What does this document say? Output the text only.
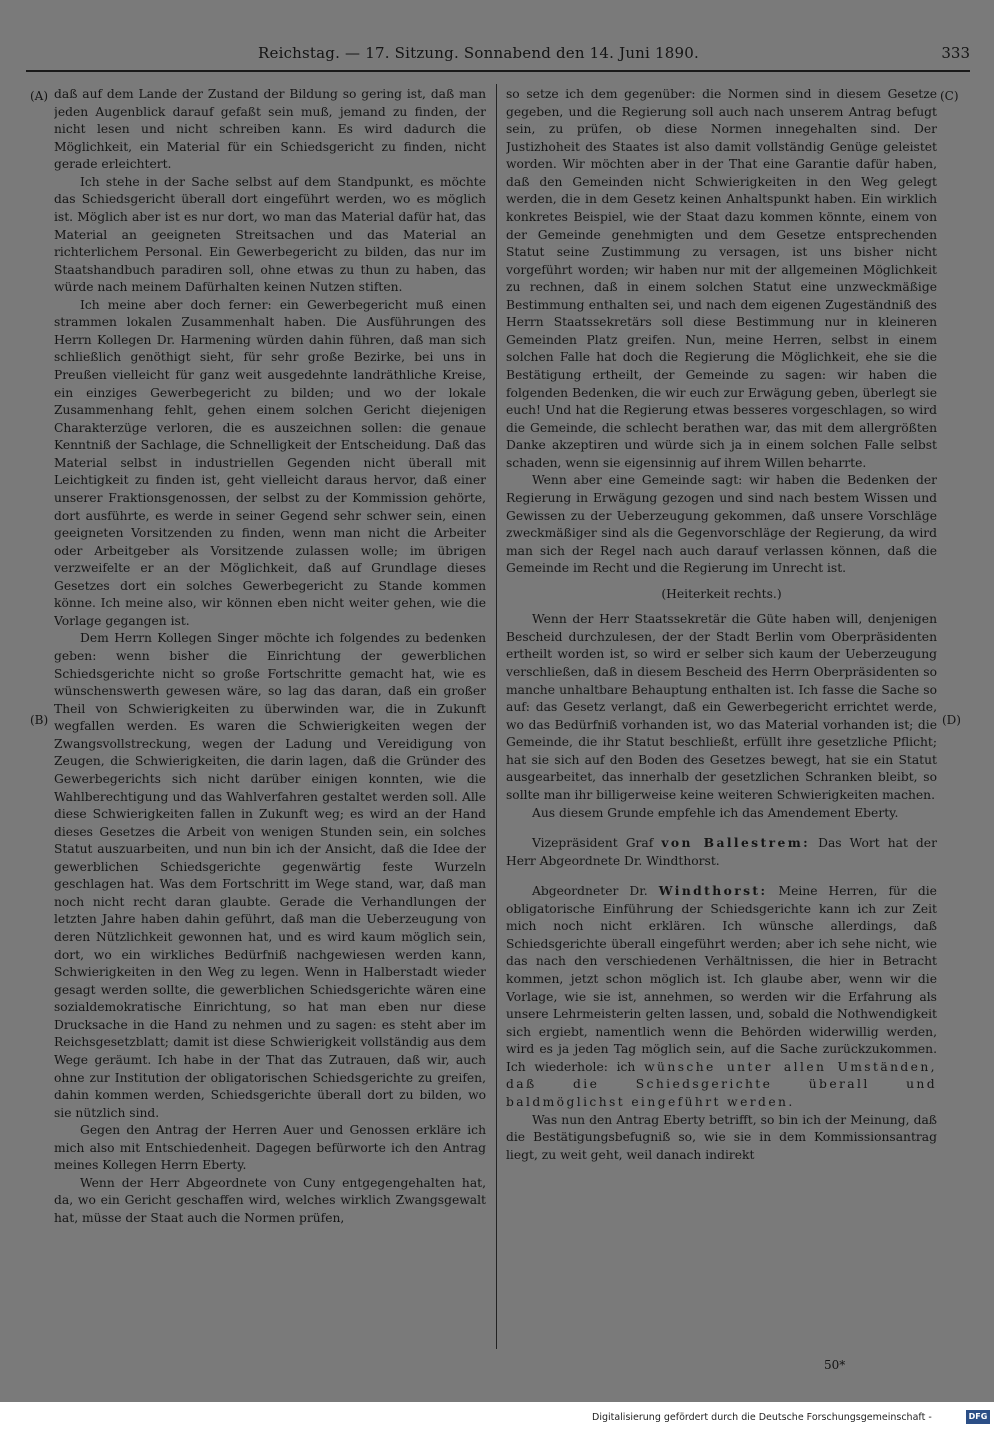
Reichstag. — 17. Sitzung. Sonnabend den 14. Juni 1890.	333
(A)
(B)
(C)
(D)

daß auf dem Lande der Zustand der Bildung so gering ist, daß man jeden Augenblick darauf gefaßt sein muß, jemand zu finden, der nicht lesen und nicht schreiben kann. Es wird dadurch die Möglichkeit, ein Material für ein Schiedsgericht zu finden, nicht gerade erleichtert.

Ich stehe in der Sache selbst auf dem Standpunkt, es möchte das Schiedsgericht überall dort eingeführt werden, wo es möglich ist. Möglich aber ist es nur dort, wo man das Material dafür hat, das Material an geeigneten Streitsachen und das Material an richterlichem Personal. Ein Gewerbegericht zu bilden, das nur im Staatshandbuch paradiren soll, ohne etwas zu thun zu haben, das würde nach meinem Dafürhalten keinen Nutzen stiften.

Ich meine aber doch ferner: ein Gewerbegericht muß einen strammen lokalen Zusammenhalt haben. Die Ausführungen des Herrn Kollegen Dr. Harmening würden dahin führen, daß man sich schließlich genöthigt sieht, für sehr große Bezirke, bei uns in Preußen vielleicht für ganz weit ausgedehnte landräthliche Kreise, ein einziges Gewerbegericht zu bilden; und wo der lokale Zusammenhang fehlt, gehen einem solchen Gericht diejenigen Charakterzüge verloren, die es auszeichnen sollen: die genaue Kenntniß der Sachlage, die Schnelligkeit der Entscheidung. Daß das Material selbst in industriellen Gegenden nicht überall mit Leichtigkeit zu finden ist, geht vielleicht daraus hervor, daß einer unserer Fraktionsgenossen, der selbst zu der Kommission gehörte, dort ausführte, es werde in seiner Gegend sehr schwer sein, einen geeigneten Vorsitzenden zu finden, wenn man nicht die Arbeiter oder Arbeitgeber als Vorsitzende zulassen wolle; im übrigen verzweifelte er an der Möglichkeit, daß auf Grundlage dieses Gesetzes dort ein solches Gewerbegericht zu Stande kommen könne. Ich meine also, wir können eben nicht weiter gehen, wie die Vorlage gegangen ist.

Dem Herrn Kollegen Singer möchte ich folgendes zu bedenken geben: wenn bisher die Einrichtung der gewerblichen Schiedsgerichte nicht so große Fortschritte gemacht hat, wie es wünschenswerth gewesen wäre, so lag das daran, daß ein großer Theil von Schwierigkeiten zu überwinden war, die in Zukunft wegfallen werden. Es waren die Schwierigkeiten wegen der Zwangsvollstreckung, wegen der Ladung und Vereidigung von Zeugen, die Schwierigkeiten, die darin lagen, daß die Gründer des Gewerbegerichts sich nicht darüber einigen konnten, wie die Wahlberechtigung und das Wahlverfahren gestaltet werden soll. Alle diese Schwierigkeiten fallen in Zukunft weg; es wird an der Hand dieses Gesetzes die Arbeit von wenigen Stunden sein, ein solches Statut auszuarbeiten, und nun bin ich der Ansicht, daß die Idee der gewerblichen Schiedsgerichte gegenwärtig feste Wurzeln geschlagen hat. Was dem Fortschritt im Wege stand, war, daß man noch nicht recht daran glaubte. Gerade die Verhandlungen der letzten Jahre haben dahin geführt, daß man die Ueberzeugung von deren Nützlichkeit gewonnen hat, und es wird kaum möglich sein, dort, wo ein wirkliches Bedürfniß nachgewiesen werden kann, Schwierigkeiten in den Weg zu legen. Wenn in Halberstadt wieder gesagt werden sollte, die gewerblichen Schiedsgerichte wären eine sozialdemokratische Einrichtung, so hat man eben nur diese Drucksache in die Hand zu nehmen und zu sagen: es steht aber im Reichsgesetzblatt; damit ist diese Schwierigkeit vollständig aus dem Wege geräumt. Ich habe in der That das Zutrauen, daß wir, auch ohne zur Institution der obligatorischen Schiedsgerichte zu greifen, dahin kommen werden, Schiedsgerichte überall dort zu bilden, wo sie nützlich sind.

Gegen den Antrag der Herren Auer und Genossen erkläre ich mich also mit Entschiedenheit. Dagegen befürworte ich den Antrag meines Kollegen Herrn Eberty.

Wenn der Herr Abgeordnete von Cuny entgegengehalten hat, da, wo ein Gericht geschaffen wird, welches wirklich Zwangsgewalt hat, müsse der Staat auch die Normen prüfen,

so setze ich dem gegenüber: die Normen sind in diesem Gesetze gegeben, und die Regierung soll auch nach unserem Antrag befugt sein, zu prüfen, ob diese Normen innegehalten sind. Der Justizhoheit des Staates ist also damit vollständig Genüge geleistet worden. Wir möchten aber in der That eine Garantie dafür haben, daß den Gemeinden nicht Schwierigkeiten in den Weg gelegt werden, die in dem Gesetz keinen Anhaltspunkt haben. Ein wirklich konkretes Beispiel, wie der Staat dazu kommen könnte, einem von der Gemeinde genehmigten und dem Gesetze entsprechenden Statut seine Zustimmung zu versagen, ist uns bisher nicht vorgeführt worden; wir haben nur mit der allgemeinen Möglichkeit zu rechnen, daß in einem solchen Statut eine unzweckmäßige Bestimmung enthalten sei, und nach dem eigenen Zugeständniß des Herrn Staatssekretärs soll diese Bestimmung nur in kleineren Gemeinden Platz greifen. Nun, meine Herren, selbst in einem solchen Falle hat doch die Regierung die Möglichkeit, ehe sie die Bestätigung ertheilt, der Gemeinde zu sagen: wir haben die folgenden Bedenken, die wir euch zur Erwägung geben, überlegt sie euch! Und hat die Regierung etwas besseres vorgeschlagen, so wird die Gemeinde, die schlecht berathen war, das mit dem allergrößten Danke akzeptiren und würde sich ja in einem solchen Falle selbst schaden, wenn sie eigensinnig auf ihrem Willen beharrte.

Wenn aber eine Gemeinde sagt: wir haben die Bedenken der Regierung in Erwägung gezogen und sind nach bestem Wissen und Gewissen zu der Ueberzeugung gekommen, daß unsere Vorschläge zweckmäßiger sind als die Gegenvorschläge der Regierung, da wird man sich der Regel nach auch darauf verlassen können, daß die Gemeinde im Recht und die Regierung im Unrecht ist.

(Heiterkeit rechts.)

Wenn der Herr Staatssekretär die Güte haben will, denjenigen Bescheid durchzulesen, der der Stadt Berlin vom Oberpräsidenten ertheilt worden ist, so wird er selber sich kaum der Ueberzeugung verschließen, daß in diesem Bescheid des Herrn Oberpräsidenten so manche unhaltbare Behauptung enthalten ist. Ich fasse die Sache so auf: das Gesetz verlangt, daß ein Gewerbegericht errichtet werde, wo das Bedürfniß vorhanden ist, wo das Material vorhanden ist; die Gemeinde, die ihr Statut beschließt, erfüllt ihre gesetzliche Pflicht; hat sie sich auf den Boden des Gesetzes bewegt, hat sie ein Statut ausgearbeitet, das innerhalb der gesetzlichen Schranken bleibt, so sollte man ihr billigerweise keine weiteren Schwierigkeiten machen.

Aus diesem Grunde empfehle ich das Amendement Eberty.

Vizepräsident Graf von Ballestrem: Das Wort hat der Herr Abgeordnete Dr. Windthorst.

Abgeordneter Dr. Windthorst: Meine Herren, für die obligatorische Einführung der Schiedsgerichte kann ich zur Zeit mich noch nicht erklären. Ich wünsche allerdings, daß Schiedsgerichte überall eingeführt werden; aber ich sehe nicht, wie das nach den verschiedenen Verhältnissen, die hier in Betracht kommen, jetzt schon möglich ist. Ich glaube aber, wenn wir die Vorlage, wie sie ist, annehmen, so werden wir die Erfahrung als unsere Lehrmeisterin gelten lassen, und, sobald die Nothwendigkeit sich ergiebt, namentlich wenn die Behörden widerwillig werden, wird es ja jeden Tag möglich sein, auf die Sache zurückzukommen. Ich wiederhole: ich wünsche unter allen Umständen, daß die Schiedsgerichte überall und baldmöglichst eingeführt werden.

Was nun den Antrag Eberty betrifft, so bin ich der Meinung, daß die Bestätigungsbefugniß so, wie sie in dem Kommissionsantrag liegt, zu weit geht, weil danach indirekt

50*
Digitalisierung gefördert durch die Deutsche Forschungsgemeinschaft -	DFG
